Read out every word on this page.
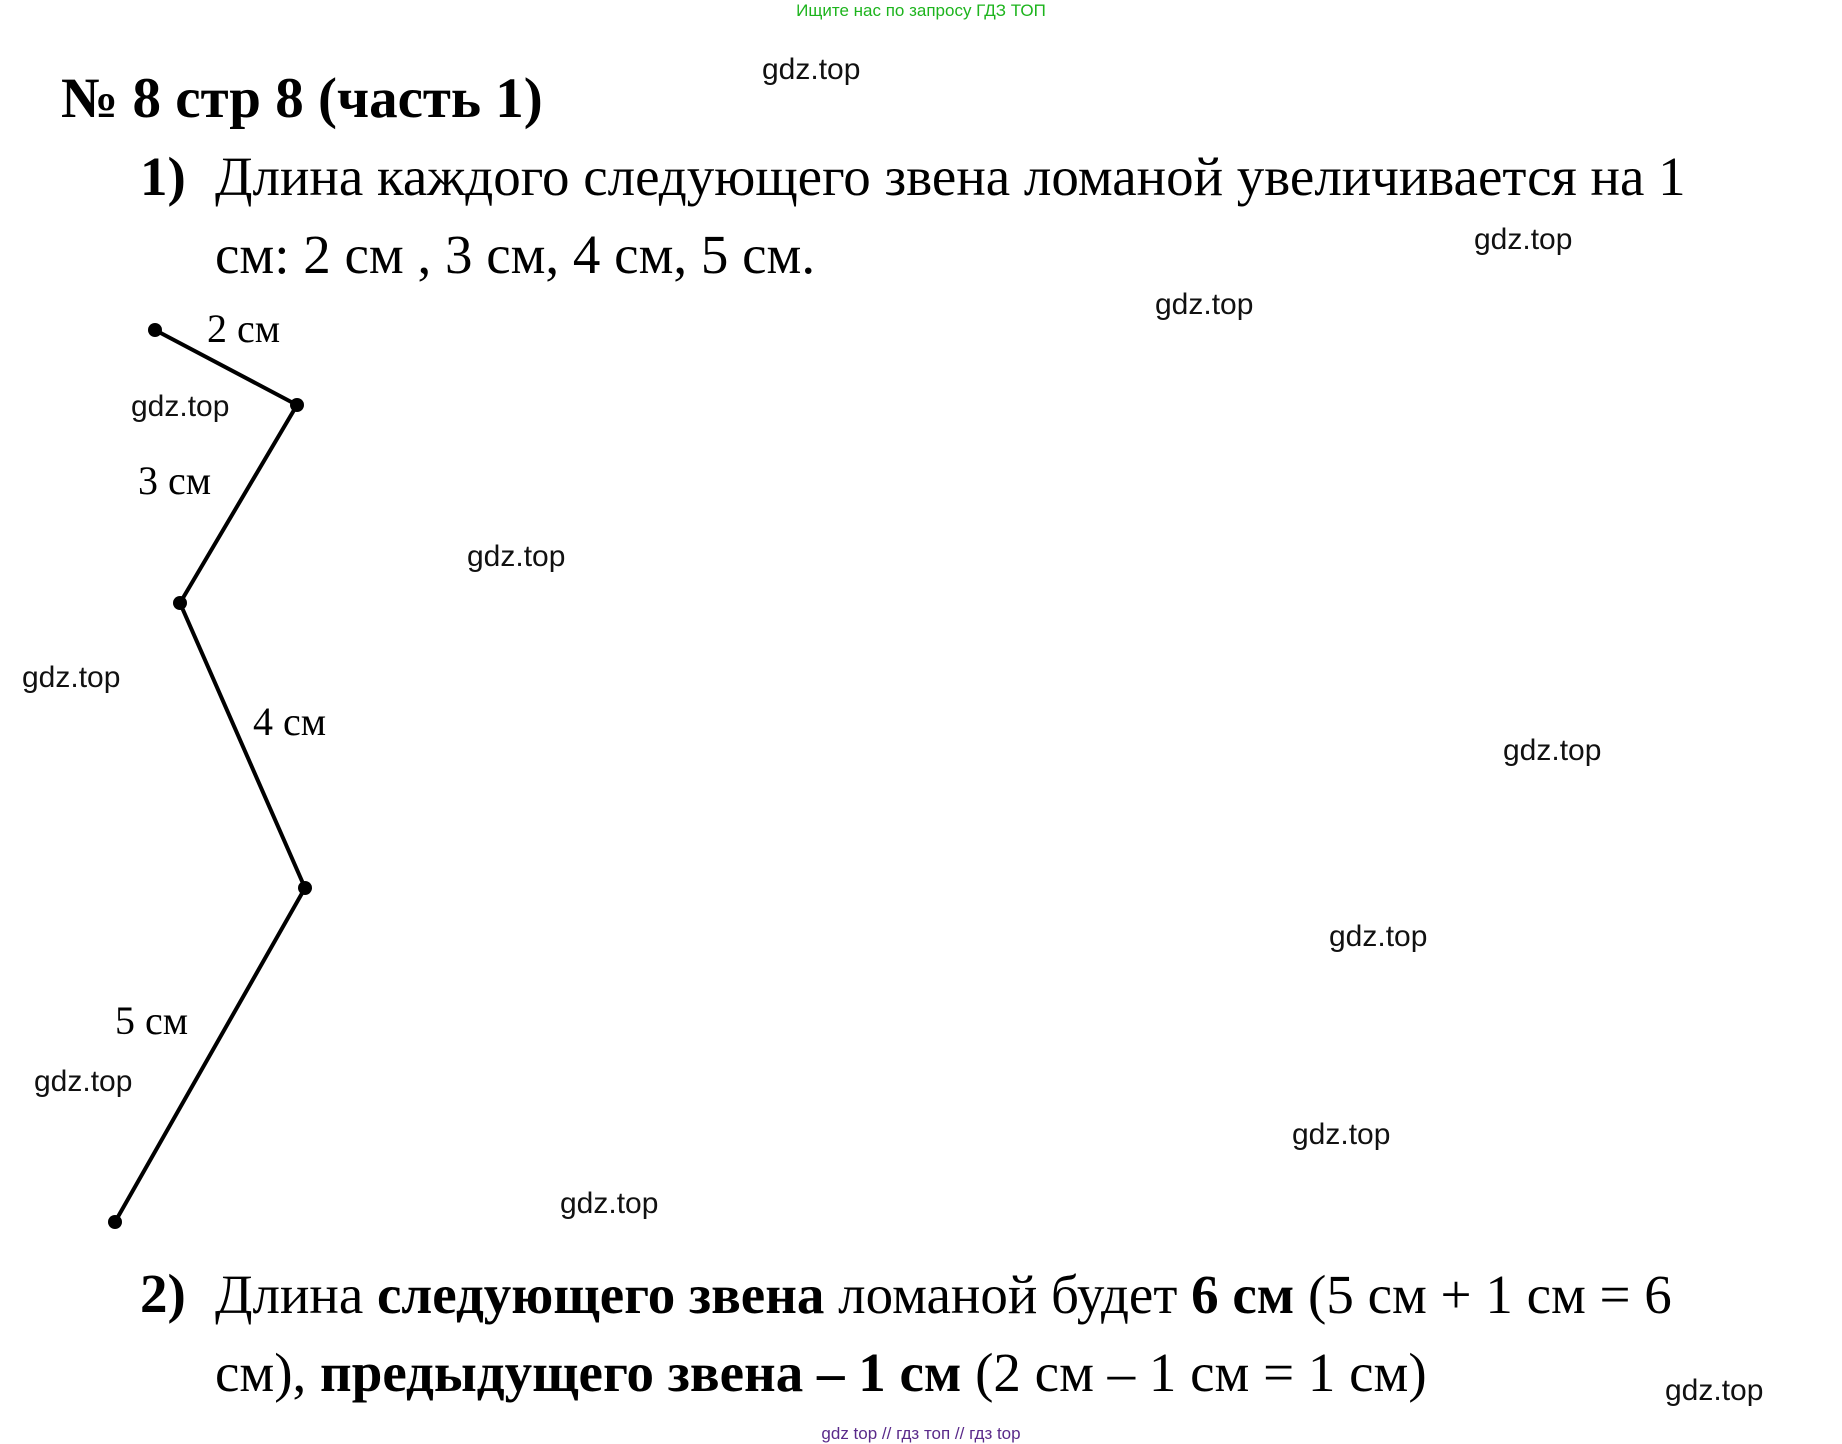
Ищите нас по запросу ГДЗ ТОП
№ 8 стр 8 (часть 1)
1) Длина каждого следующего звена ломаной увеличивается на 1
см: 2 см , 3 см, 4 см, 5 см.
2 см
3 см
4 см
5 см
2) Длина следующего звена ломаной будет 6 см (5 см + 1 см = 6
см), предыдущего звена – 1 см (2 см – 1 см = 1 см)
gdz.top
gdz.top
gdz.top
gdz.top
gdz.top
gdz.top
gdz.top
gdz.top
gdz.top
gdz.top
gdz.top
gdz.top
gdz top // гдз топ // гдз top
